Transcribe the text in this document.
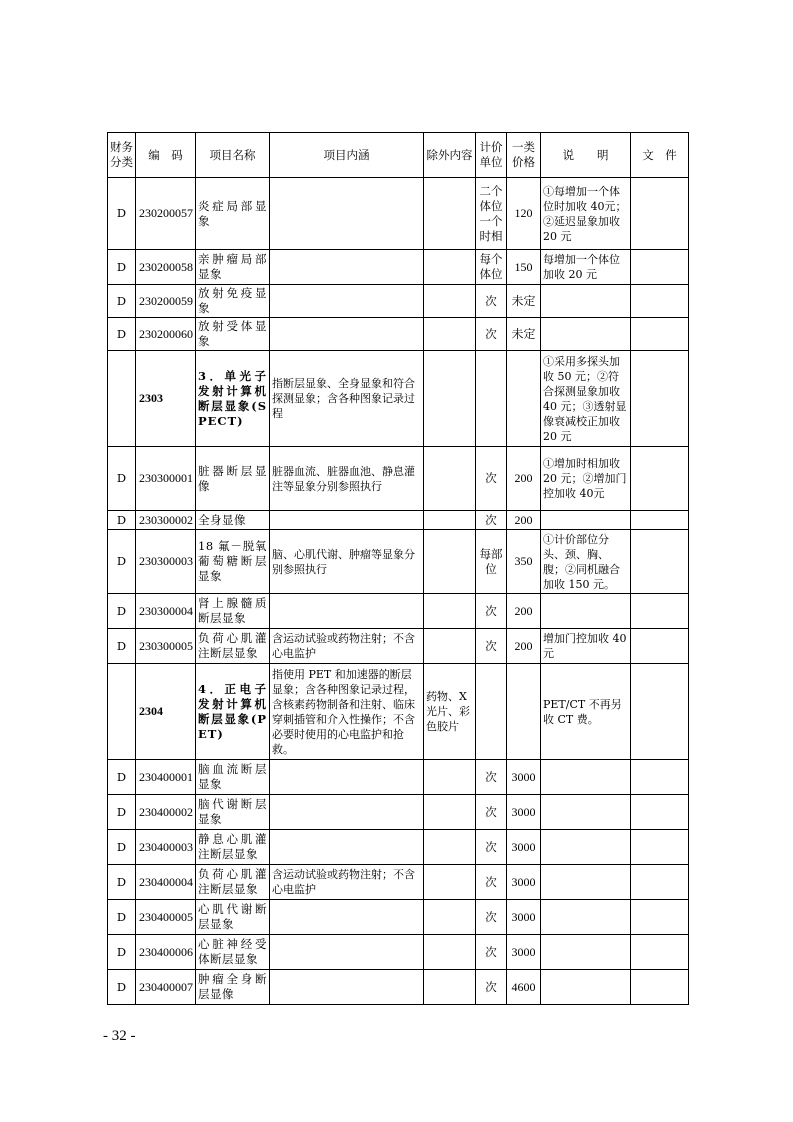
财务分类	编　码	项目名称	项目内涵	除外内容	计价单位	一类价格	说　　明	文　件
D	230200057	炎症局部显象			二个体位一个时相	120	①每增加一个体位时加收 40元；②延迟显象加收 20 元	
D	230200058	亲肿瘤局部显象			每个体位	150	每增加一个体位加收 20 元	
D	230200059	放射免疫显象			次	未定		
D	230200060	放射受体显象			次	未定		
	2303	3．单光子发射计算机断层显象(SPECT)	指断层显象、全身显象和符合探测显象；含各种图象记录过程				①采用多探头加收 50 元；②符合探测显象加收 40 元；③透射显像衰减校正加收 20 元	
D	230300001	脏器断层显像	脏器血流、脏器血池、静息灌注等显象分别参照执行		次	200	①增加时相加收 20 元；②增加门控加收 40元	
D	230300002	全身显像			次	200		
D	230300003	18 氟－脱氧葡萄糖断层显象	脑、心肌代谢、肿瘤等显象分别参照执行		每部位	350	①计价部位分头、颈、胸、腹；②同机融合加收 150 元。	
D	230300004	肾上腺髓质断层显象			次	200		
D	230300005	负荷心肌灌注断层显象	含运动试验或药物注射；不含心电监护		次	200	增加门控加收 40 元	
	2304	4．正电子发射计算机断层显象(PET)	指使用 PET 和加速器的断层显象；含各种图象记录过程，含核素药物制备和注射、临床穿刺插管和介入性操作；不含必要时使用的心电监护和抢救。	药物、X 光片、彩色胶片			PET/CT 不再另收 CT 费。	
D	230400001	脑血流断层显象			次	3000		
D	230400002	脑代谢断层显象			次	3000		
D	230400003	静息心肌灌注断层显象			次	3000		
D	230400004	负荷心肌灌注断层显象	含运动试验或药物注射；不含心电监护		次	3000		
D	230400005	心肌代谢断层显象			次	3000		
D	230400006	心脏神经受体断层显象			次	3000		
D	230400007	肿瘤全身断层显像			次	4600		
- 32 -
